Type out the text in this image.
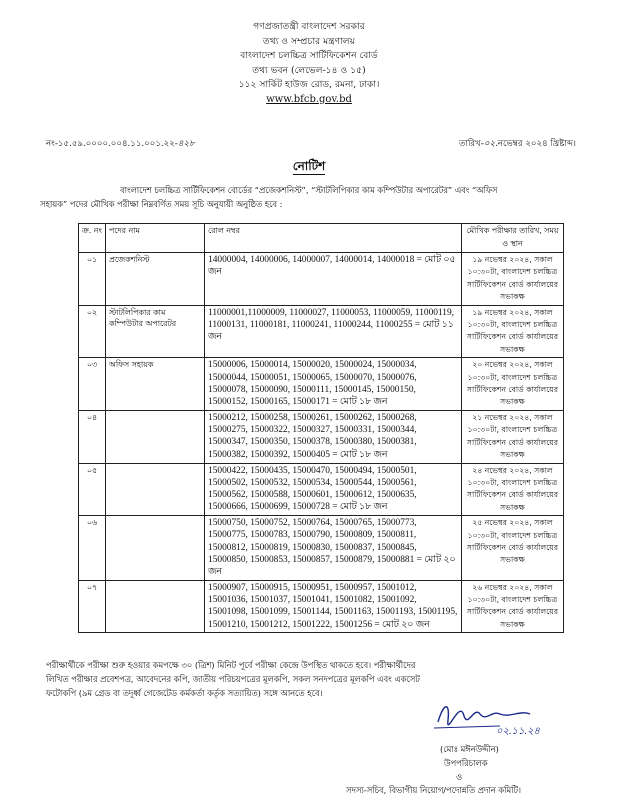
গণপ্রজাতন্ত্রী বাংলাদেশ সরকার
তথ্য ও সম্প্রচার মন্ত্রণালয়
বাংলাদেশ চলচ্চিত্র সার্টিফিকেশন বোর্ড
তথ্য ভবন (লেভেল-১৪ ও ১৫)
১১২ সার্কিট হাউজ রোড, রমনা, ঢাকা।
www.bfcb.gov.bd
নং-১৫.৫৯.০০০০.০০৪.১১.০০১.২২-৪২৮	তারিখ-০২.নভেম্বর ২০২৪ খ্রিষ্টাব্দ।
নোটিশ
বাংলাদেশ চলচ্চিত্র সার্টিফিকেশন বোর্ডের “প্রজেকশনিস্ট”, “স্টাটলিপিকার কাম কম্পিউটার অপারেটর” এবং “অফিস
সহায়ক” পদের মৌখিক পরীক্ষা নিম্নবর্ণিত সময় সূচি অনুযায়ী অনুষ্ঠিত হবে :
ক্র. নং	পদের নাম	রোল নম্বর	মৌখিক পরীক্ষার তারিখ, সময় ও স্থান
০১	প্রজেকশনিস্ট	14000004, 14000006, 14000007, 14000014, 14000018 = মোট ০৫ জন	১৯ নভেম্বর ২০২৪, সকাল ১০:৩০টা, বাংলাদেশ চলচ্চিত্র সার্টিফিকেশন বোর্ড কার্যালয়ের সভাকক্ষ
০২	স্টাটলিপিকার কাম কম্পিউটার অপারেটর	11000001,11000009, 11000027, 11000053, 11000059, 11000119, 11000131, 11000181, 11000241, 11000244, 11000255 = মোট ১১ জন	১৯ নভেম্বর ২০২৪, সকাল ১০:৩০টা, বাংলাদেশ চলচ্চিত্র সার্টিফিকেশন বোর্ড কার্যালয়ের সভাকক্ষ
০৩	অফিস সহায়ক	15000006, 15000014, 15000020, 15000024, 15000034, 15000044, 15000051, 15000065, 15000070, 15000076, 15000078, 15000090, 15000111, 15000145, 15000150, 15000152, 15000165, 15000171 = মোট ১৮ জন	২০ নভেম্বর ২০২৪, সকাল ১০:৩০টা, বাংলাদেশ চলচ্চিত্র সার্টিফিকেশন বোর্ড কার্যালয়ের সভাকক্ষ
০৪		15000212, 15000258, 15000261, 15000262, 15000268, 15000275, 15000322, 15000327, 15000331, 15000344, 15000347, 15000350, 15000378, 15000380, 15000381, 15000382, 15000392, 15000405 = মোট ১৮ জন	২১ নভেম্বর ২০২৪, সকাল ১০:৩০টা, বাংলাদেশ চলচ্চিত্র সার্টিফিকেশন বোর্ড কার্যালয়ের সভাকক্ষ
০৫		15000422, 15000435, 15000470, 15000494, 15000501, 15000502, 15000532, 15000534, 15000544, 15000561, 15000562, 15000588, 15000601, 15000612, 15000635, 15000666, 15000699, 15000728 = মোট ১৮ জন	২৪ নভেম্বর ২০২৪, সকাল ১০:৩০টা, বাংলাদেশ চলচ্চিত্র সার্টিফিকেশন বোর্ড কার্যালয়ের সভাকক্ষ
০৬		15000750, 15000752, 15000764, 15000765, 15000773, 15000775, 15000783, 15000790, 15000809, 15000811, 15000812, 15000819, 15000830, 15000837, 15000845, 15000850, 15000853, 15000857, 15000879, 15000881 = মোট ২০ জন	২৫ নভেম্বর ২০২৪, সকাল ১০:৩০টা, বাংলাদেশ চলচ্চিত্র সার্টিফিকেশন বোর্ড কার্যালয়ের সভাকক্ষ
০৭		15000907, 15000915, 15000951, 15000957, 15001012, 15001036, 15001037, 15001041, 15001082, 15001092, 15001098, 15001099, 15001144, 15001163, 15001193, 15001195, 15001210, 15001212, 15001222, 15001256 = মোট ২০ জন	২৬ নভেম্বর ২০২৪, সকাল ১০:৩০টা, বাংলাদেশ চলচ্চিত্র সার্টিফিকেশন বোর্ড কার্যালয়ের সভাকক্ষ
পরীক্ষার্থীকে পরীক্ষা শুরু হওয়ার কমপক্ষে ৩০ (ত্রিশ) মিনিট পূর্বে পরীক্ষা কেন্দ্রে উপস্থিত থাকতে হবে। পরীক্ষার্থীদের
লিখিত পরীক্ষার প্রবেশপত্র, আবেদনের কপি, জাতীয় পরিচয়পত্রের মূলকপি, সকল সনদপত্রের মূলকপি এবং একসেট
ফটোকপি (৯ম গ্রেড বা তদূর্ধ্ব গেজেটেড কর্মকর্তা কর্তৃক সত্যায়িত) সঙ্গে আনতে হবে।
০২.১১.২৪
(মোঃ মঈনউদ্দীন)
উপপরিচালক
ও
সদস্য-সচিব, বিভাগীয় নিয়োগ/পদোন্নতি প্রদান কমিটি।
